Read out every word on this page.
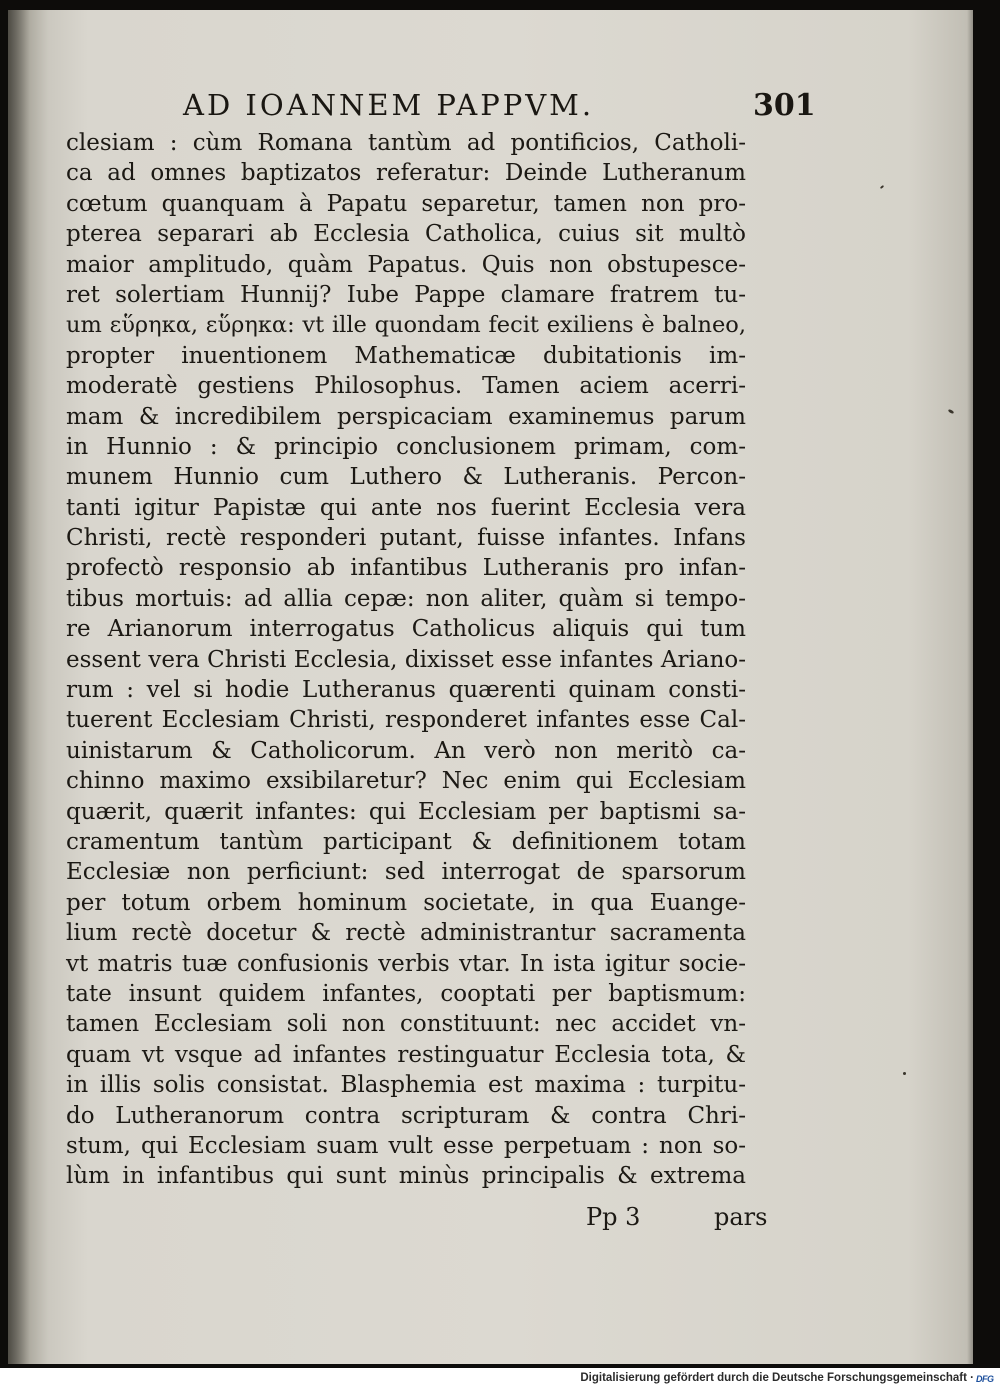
AD IOANNEM PAPPVM.	301
clesiam : cùm Romana tantùm ad pontificios, Catholi-
ca ad omnes baptizatos referatur: Deinde Lutheranum
cœtum quanquam à Papatu separetur, tamen non pro-
pterea separari ab Ecclesia Catholica, cuius sit multò
maior amplitudo, quàm Papatus. Quis non obstupesce-
ret solertiam Hunnij? Iube Pappe clamare fratrem tu-
um εὕρηκα, εὕρηκα: vt ille quondam fecit exiliens è balneo,
propter inuentionem Mathematicæ dubitationis im-
moderatè gestiens Philosophus. Tamen aciem acerri-
mam & incredibilem perspicaciam examinemus parum
in Hunnio : & principio conclusionem primam, com-
munem Hunnio cum Luthero & Lutheranis. Percon-
tanti igitur Papistæ qui ante nos fuerint Ecclesia vera
Christi, rectè responderi putant, fuisse infantes. Infans
profectò responsio ab infantibus Lutheranis pro infan-
tibus mortuis: ad allia cepæ: non aliter, quàm si tempo-
re Arianorum interrogatus Catholicus aliquis qui tum
essent vera Christi Ecclesia, dixisset esse infantes Ariano-
rum : vel si hodie Lutheranus quærenti quinam consti-
tuerent Ecclesiam Christi, responderet infantes esse Cal-
uinistarum & Catholicorum. An verò non meritò ca-
chinno maximo exsibilaretur? Nec enim qui Ecclesiam
quærit, quærit infantes: qui Ecclesiam per baptismi sa-
cramentum tantùm participant & definitionem totam
Ecclesiæ non perficiunt: sed interrogat de sparsorum
per totum orbem hominum societate, in qua Euange-
lium rectè docetur & rectè administrantur sacramenta
vt matris tuæ confusionis verbis vtar. In ista igitur socie-
tate insunt quidem infantes, cooptati per baptismum:
tamen Ecclesiam soli non constituunt: nec accidet vn-
quam vt vsque ad infantes restinguatur Ecclesia tota, &
in illis solis consistat. Blasphemia est maxima : turpitu-
do Lutheranorum contra scripturam & contra Chri-
stum, qui Ecclesiam suam vult esse perpetuam : non so-
lùm in infantibus qui sunt minùs principalis & extrema
Pp 3	pars
Digitalisierung gefördert durch die Deutsche Forschungsgemeinschaft · DFG
